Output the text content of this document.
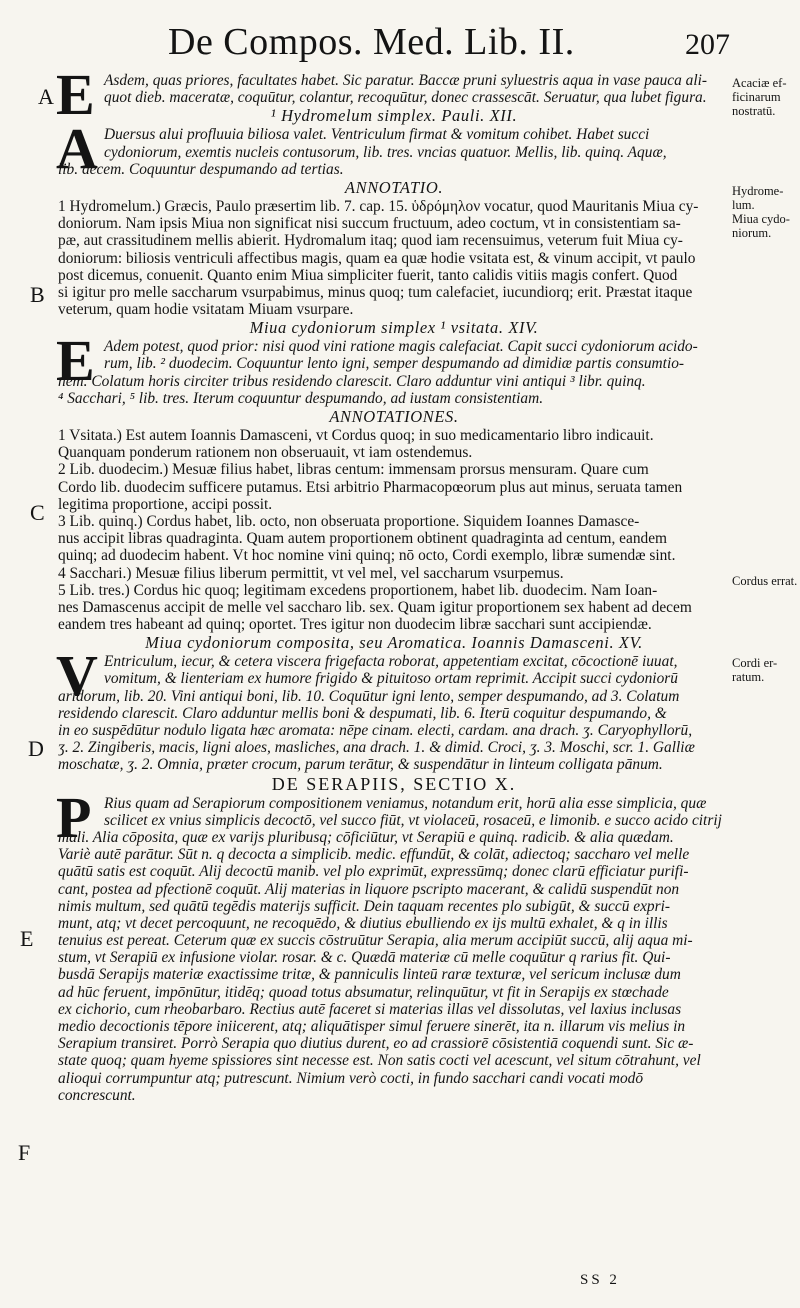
De Compos. Med. Lib. II.	207
A
B
C
D
E
F
Acaciæ ef-ficinarum nostratū.
Hydrome-lum.
Miua cydo-niorum.
Cordus errat.
Cordi er-ratum.
E Asdem, quas priores, facultates habet. Sic paratur. Baccæ pruni syluestris aqua in vase pauca ali-
quot dieb. maceratæ, coquūtur, colantur, recoquūtur, donec crassescāt. Seruatur, qua lubet figura.
¹ Hydromelum simplex. Pauli. XII.
A Duersus alui profluuia biliosa valet. Ventriculum firmat & vomitum cohibet. Habet succi
cydoniorum, exemtis nucleis contusorum, lib. tres. vncias quatuor. Mellis, lib. quinq. Aquæ,
lib. decem. Coquuntur despumando ad tertias.
ANNOTATIO.
1 Hydromelum.) Græcis, Paulo præsertim lib. 7. cap. 15. ὑδρόμηλον vocatur, quod Mauritanis Miua cy-
doniorum. Nam ipsis Miua non significat nisi succum fructuum, adeo coctum, vt in consistentiam sa-
pæ, aut crassitudinem mellis abierit. Hydromalum itaq; quod iam recensuimus, veterum fuit Miua cy-
doniorum: biliosis ventriculi affectibus magis, quam ea quæ hodie vsitata est, & vinum accipit, vt paulo
post dicemus, conuenit. Quanto enim Miua simpliciter fuerit, tanto calidis vitiis magis confert. Quod
si igitur pro melle saccharum vsurpabimus, minus quoq; tum calefaciet, iucundiorq; erit. Præstat itaque
veterum, quam hodie vsitatam Miuam vsurpare.
Miua cydoniorum simplex ¹ vsitata. XIV.
E Adem potest, quod prior: nisi quod vini ratione magis calefaciat. Capit succi cydoniorum acido-
rum, lib. ² duodecim. Coquuntur lento igni, semper despumando ad dimidiæ partis consumtio-
nem. Colatum horis circiter tribus residendo clarescit. Claro adduntur vini antiqui ³ libr. quinq.
⁴ Sacchari, ⁵ lib. tres. Iterum coquuntur despumando, ad iustam consistentiam.
ANNOTATIONES.
1 Vsitata.) Est autem Ioannis Damasceni, vt Cordus quoq; in suo medicamentario libro indicauit.
Quanquam ponderum rationem non obseruauit, vt iam ostendemus.
2 Lib. duodecim.) Mesuæ filius habet, libras centum: immensam prorsus mensuram. Quare cum
Cordo lib. duodecim sufficere putamus. Etsi arbitrio Pharmacopœorum plus aut minus, seruata tamen
legitima proportione, accipi possit.
3 Lib. quinq.) Cordus habet, lib. octo, non obseruata proportione. Siquidem Ioannes Damasce-
nus accipit libras quadraginta. Quam autem proportionem obtinent quadraginta ad centum, eandem
quinq; ad duodecim habent. Vt hoc nomine vini quinq; nō octo, Cordi exemplo, libræ sumendæ sint.
4 Sacchari.) Mesuæ filius liberum permittit, vt vel mel, vel saccharum vsurpemus.
5 Lib. tres.) Cordus hic quoq; legitimam excedens proportionem, habet lib. duodecim. Nam Ioan-
nes Damascenus accipit de melle vel sacchаro lib. sex. Quam igitur proportionem sex habent ad decem
eandem tres habeant ad quinq; oportet. Tres igitur non duodecim libræ sacchari sunt accipiendæ.
Miua cydoniorum composita, seu Aromatica. Ioannis Damasceni. XV.
V Entriculum, iecur, & cetera viscera frigefacta roborat, appetentiam excitat, cōcoctionē iuuat,
vomitum, & lienteriam ex humore frigido & pituitoso ortam reprimit. Accipit succi cydoniorū
aridorum, lib. 20. Vini antiqui boni, lib. 10. Coquūtur igni lento, semper despumando, ad 3. Colatum
residendo clarescit. Claro adduntur mellis boni & despumati, lib. 6. Iterū coquitur despumando, &
in eo suspēdūtur nodulo ligata hæc aromata: nēpe cinam. electi, cardam. ana drach. ʒ. Caryophyllorū,
ʒ. 2. Zingiberis, macis, ligni aloes, masliches, ana drach. 1. & dimid. Croci, ʒ. 3. Moschi, scr. 1. Galliæ
moschatæ, ʒ. 2. Omnia, præter crocum, parum terātur, & suspendātur in linteum colligata pānum.
DE SERAPIIS, SECTIO X.
P Rius quam ad Serapiorum compositionem veniamus, notandum erit, horū alia esse simplicia, quæ
scilicet ex vnius simplicis decoctō, vel succo fiūt, vt violaceū, rosaceū, e limonib. e succo acido citrij
mali. Alia cōposita, quæ ex varijs pluribusq; cōficiūtur, vt Serapiū e quinq. radicib. & alia quædam.
Variè autē parātur. Sūt n. q decocta a simplicib. medic. effundūt, & colāt, adiectoq; saccharo vel melle
quātū satis est coquūt. Alij decoctū manib. vel plo exprimūt, expressūmq; donec clarū efficiatur purifi-
cant, postea ad pfectionē coquūt. Alij materias in liquore pscripto macerant, & calidū suspendūt non
nimis multum, sed quātū tegēdis materijs sufficit. Dein taquam recentes plo subigūt, & succū expri-
munt, atq; vt decet percoquunt, ne recoquēdo, & diutius ebulliendo ex ijs multū exhalet, & q in illis
tenuius est pereat. Ceterum quæ ex succis cōstruūtur Serapia, alia merum accipiūt succū, alij aqua mi-
stum, vt Serapiū ex infusione violar. rosar. & c. Quædā materiæ cū melle coquūtur q rarius fit. Qui-
busdā Serapijs materiæ exactissime tritæ, & panniculis linteū raræ texturæ, vel sericum inclusæ dum
ad hūc feruent, impōnūtur, itidēq; quoad totus absumatur, relinquūtur, vt fit in Serapijs ex stœchade
ex cichorio, cum rheobarbaro. Rectius autē faceret si materias illas vel dissolutas, vel laxius inclusas
medio decoctionis tēpore iniicerent, atq; aliquātisper simul feruere sinerēt, ita n. illarum vis melius in
Serapium transiret. Porrò Serapia quo diutius durent, eo ad crassiorē cōsistentiā coquendi sunt. Sic æ-
state quoq; quam hyeme spissiores sint necesse est. Non satis cocti vel acescunt, vel situm cōtrahunt, vel
alioqui corrumpuntur atq; putrescunt. Nimium verò cocti, in fundo sacchari candi vocati modō
concrescunt.
SS 2
